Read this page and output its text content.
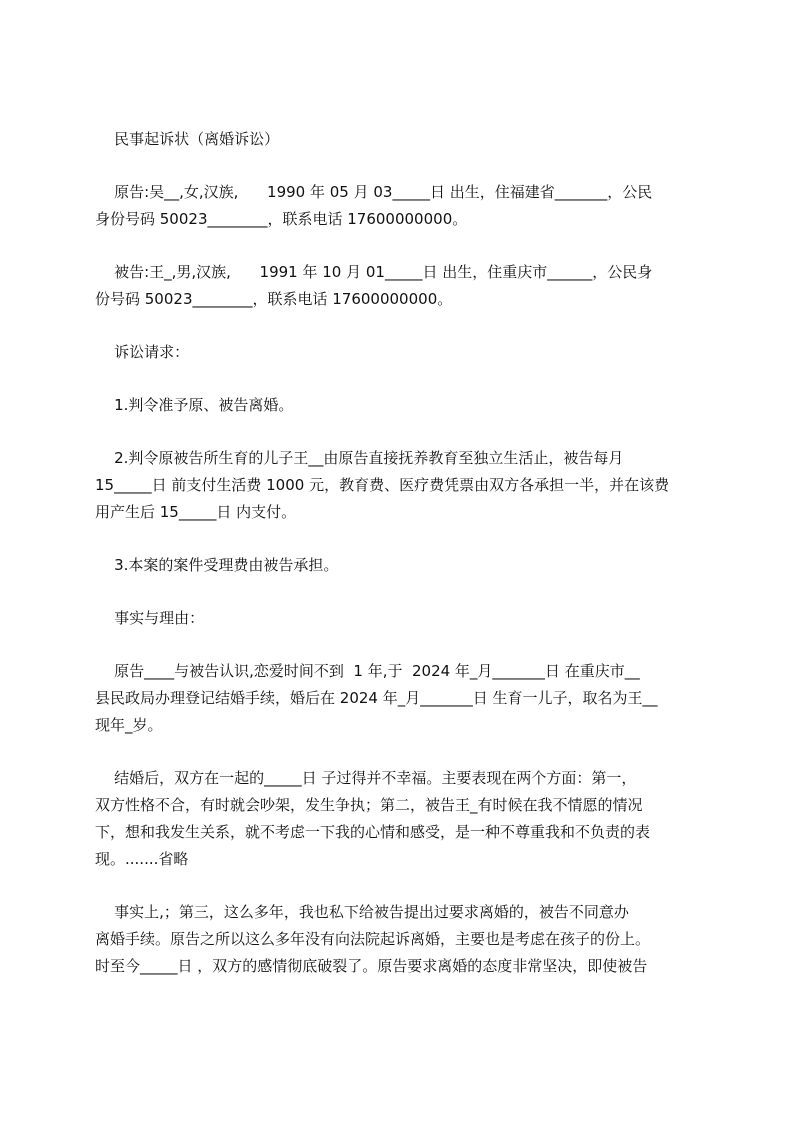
民事起诉状（离婚诉讼）
原告:吴__,女,汉族,      1990 年 05 月 03_____日 出生，住福建省_______，公民
身份号码 50023________，联系电话 17600000000。
被告:王_,男,汉族,      1991 年 10 月 01_____日 出生，住重庆市______，公民身
份号码 50023________，联系电话 17600000000。
诉讼请求：
1.判令准予原、被告离婚。
2.判令原被告所生育的儿子王__由原告直接抚养教育至独立生活止，被告每月
15_____日 前支付生活费 1000 元，教育费、医疗费凭票由双方各承担一半，并在该费
用产生后 15_____日 内支付。
3.本案的案件受理费由被告承担。
事实与理由：
原告____与被告认识,恋爱时间不到  1 年,于  2024 年_月_______日 在重庆市__
县民政局办理登记结婚手续，婚后在 2024 年_月_______日 生育一儿子，取名为王__
现年_岁。
结婚后，双方在一起的_____日 子过得并不幸福。主要表现在两个方面：第一，
双方性格不合，有时就会吵架，发生争执；第二，被告王_有时候在我不情愿的情况
下，想和我发生关系，就不考虑一下我的心情和感受，是一种不尊重我和不负责的表
现。.......省略
事实上,；第三，这么多年，我也私下给被告提出过要求离婚的，被告不同意办
离婚手续。原告之所以这么多年没有向法院起诉离婚，主要也是考虑在孩子的份上。
时至今_____日 ，双方的感情彻底破裂了。原告要求离婚的态度非常坚决，即使被告
